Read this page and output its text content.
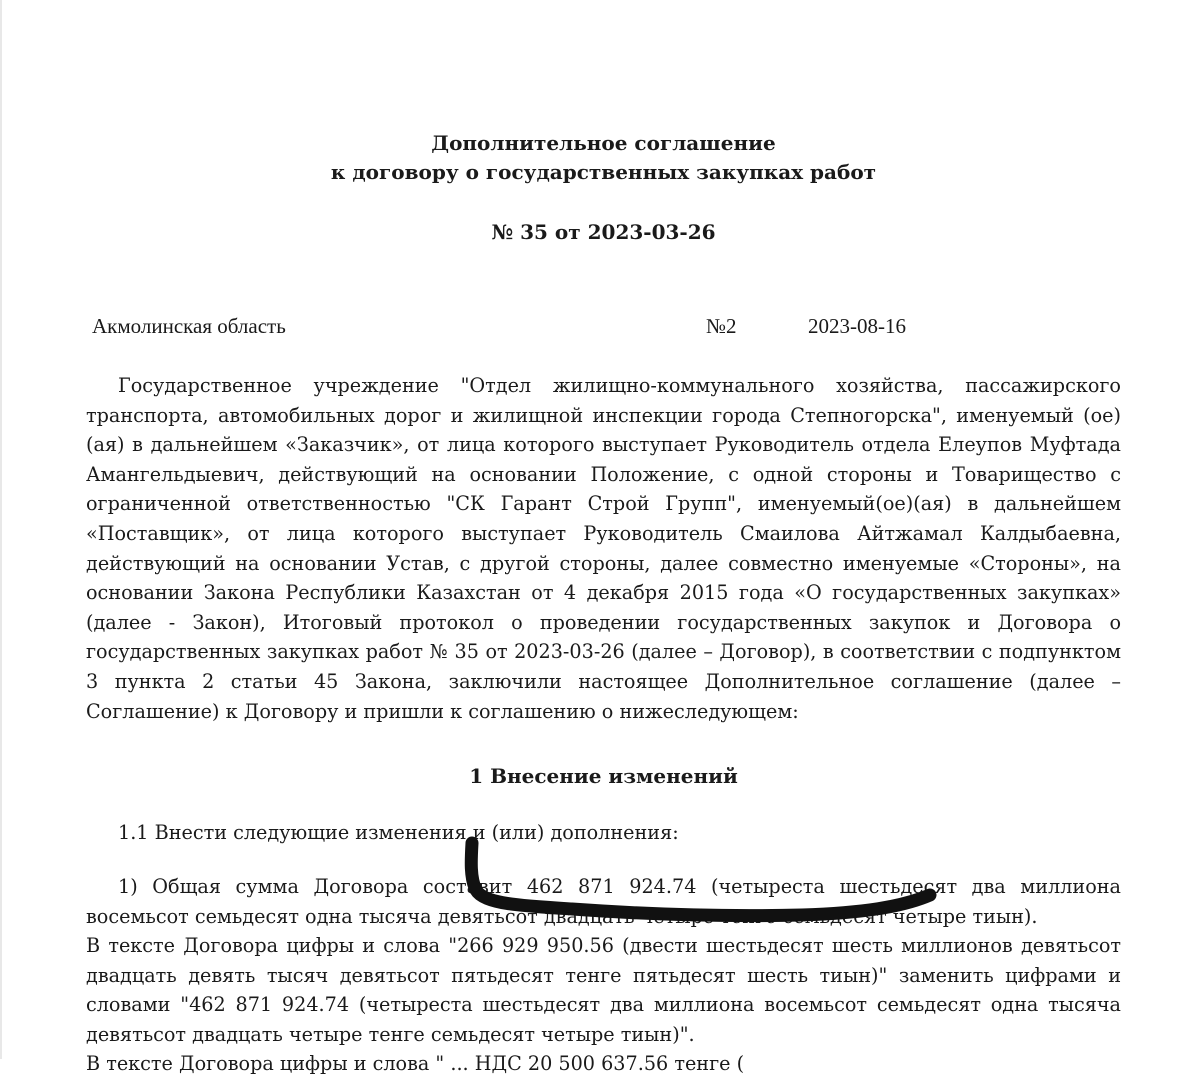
Дополнительное соглашение
к договору о государственных закупках работ
№ 35 от 2023-03-26
Акмолинская область	№2	2023-08-16

Государственное учреждение "Отдел жилищно-коммунального хозяйства, пассажирского транспорта, автомобильных дорог и жилищной инспекции города Степногорска", именуемый (ое)(ая) в дальнейшем «Заказчик», от лица которого выступает Руководитель отдела Елеупов Муфтада Амангельдыевич, действующий на основании Положение, с одной стороны и Товарищество с ограниченной ответственностью "СК Гарант Строй Групп", именуемый(ое)(ая) в дальнейшем «Поставщик», от лица которого выступает Руководитель Смаилова Айтжамал Калдыбаевна, действующий на основании Устав, с другой стороны, далее совместно именуемые «Стороны», на основании Закона Республики Казахстан от 4 декабря 2015 года «О государственных закупках» (далее - Закон), Итоговый протокол о проведении государственных закупок и Договора о государственных закупках работ № 35 от 2023-03-26 (далее – Договор), в соответствии с подпунктом 3 пункта 2 статьи 45 Закона, заключили настоящее Дополнительное соглашение (далее – Соглашение) к Договору и пришли к соглашению о нижеследующем:

1 Внесение изменений

1.1 Внести следующие изменения и (или) дополнения:

1) Общая сумма Договора составит 462 871 924.74 (четыреста шестьдесят два миллиона восемьсот семьдесят одна тысяча девятьсот двадцать четыре тенге семьдесят четыре тиын).

В тексте Договора цифры и слова "266 929 950.56 (двести шестьдесят шесть миллионов девятьсот двадцать девять тысяч девятьсот пятьдесят тенге пятьдесят шесть тиын)" заменить цифрами и словами "462 871 924.74 (четыреста шестьдесят два миллиона восемьсот семьдесят одна тысяча девятьсот двадцать четыре тенге семьдесят четыре тиын)".

В тексте Договора цифры и слова " ... НДС 20 500 637.56 тенге (
